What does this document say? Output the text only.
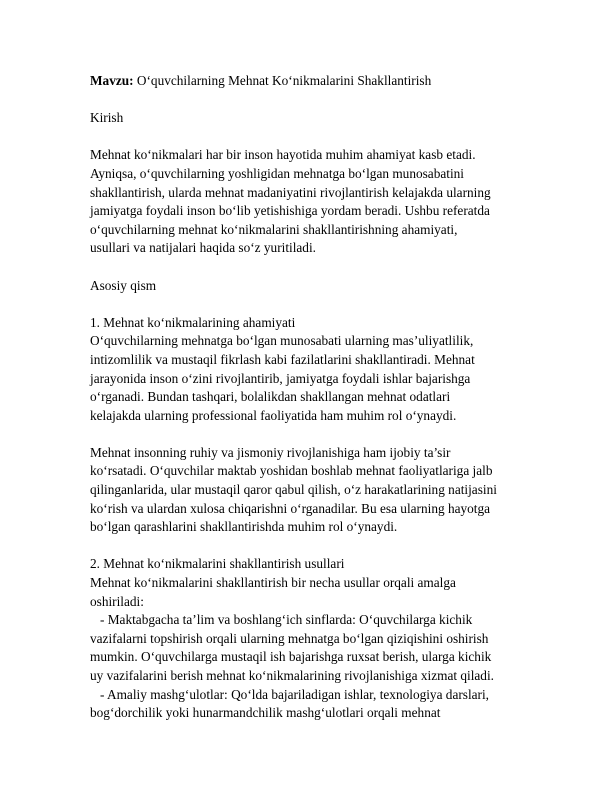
Mavzu: O‘quvchilarning Mehnat Ko‘nikmalarini Shakllantirish

Kirish

Mehnat ko‘nikmalari har bir inson hayotida muhim ahamiyat kasb etadi.
Ayniqsa, o‘quvchilarning yoshligidan mehnatga bo‘lgan munosabatini
shakllantirish, ularda mehnat madaniyatini rivojlantirish kelajakda ularning
jamiyatga foydali inson bo‘lib yetishishiga yordam beradi. Ushbu referatda
o‘quvchilarning mehnat ko‘nikmalarini shakllantirishning ahamiyati,
usullari va natijalari haqida so‘z yuritiladi.

Asosiy qism

1. Mehnat ko‘nikmalarining ahamiyati

O‘quvchilarning mehnatga bo‘lgan munosabati ularning mas’uliyatlilik,
intizomlilik va mustaqil fikrlash kabi fazilatlarini shakllantiradi. Mehnat
jarayonida inson o‘zini rivojlantirib, jamiyatga foydali ishlar bajarishga
o‘rganadi. Bundan tashqari, bolalikdan shakllangan mehnat odatlari
kelajakda ularning professional faoliyatida ham muhim rol o‘ynaydi.

Mehnat insonning ruhiy va jismoniy rivojlanishiga ham ijobiy ta’sir
ko‘rsatadi. O‘quvchilar maktab yoshidan boshlab mehnat faoliyatlariga jalb
qilinganlarida, ular mustaqil qaror qabul qilish, o‘z harakatlarining natijasini
ko‘rish va ulardan xulosa chiqarishni o‘rganadilar. Bu esa ularning hayotga
bo‘lgan qarashlarini shakllantirishda muhim rol o‘ynaydi.

2. Mehnat ko‘nikmalarini shakllantirish usullari

Mehnat ko‘nikmalarini shakllantirish bir necha usullar orqali amalga
oshiriladi:
- Maktabgacha ta’lim va boshlang‘ich sinflarda: O‘quvchilarga kichik
vazifalarni topshirish orqali ularning mehnatga bo‘lgan qiziqishini oshirish
mumkin. O‘quvchilarga mustaqil ish bajarishga ruxsat berish, ularga kichik
uy vazifalarini berish mehnat ko‘nikmalarining rivojlanishiga xizmat qiladi.
- Amaliy mashg‘ulotlar: Qo‘lda bajariladigan ishlar, texnologiya darslari,
bog‘dorchilik yoki hunarmandchilik mashg‘ulotlari orqali mehnat
